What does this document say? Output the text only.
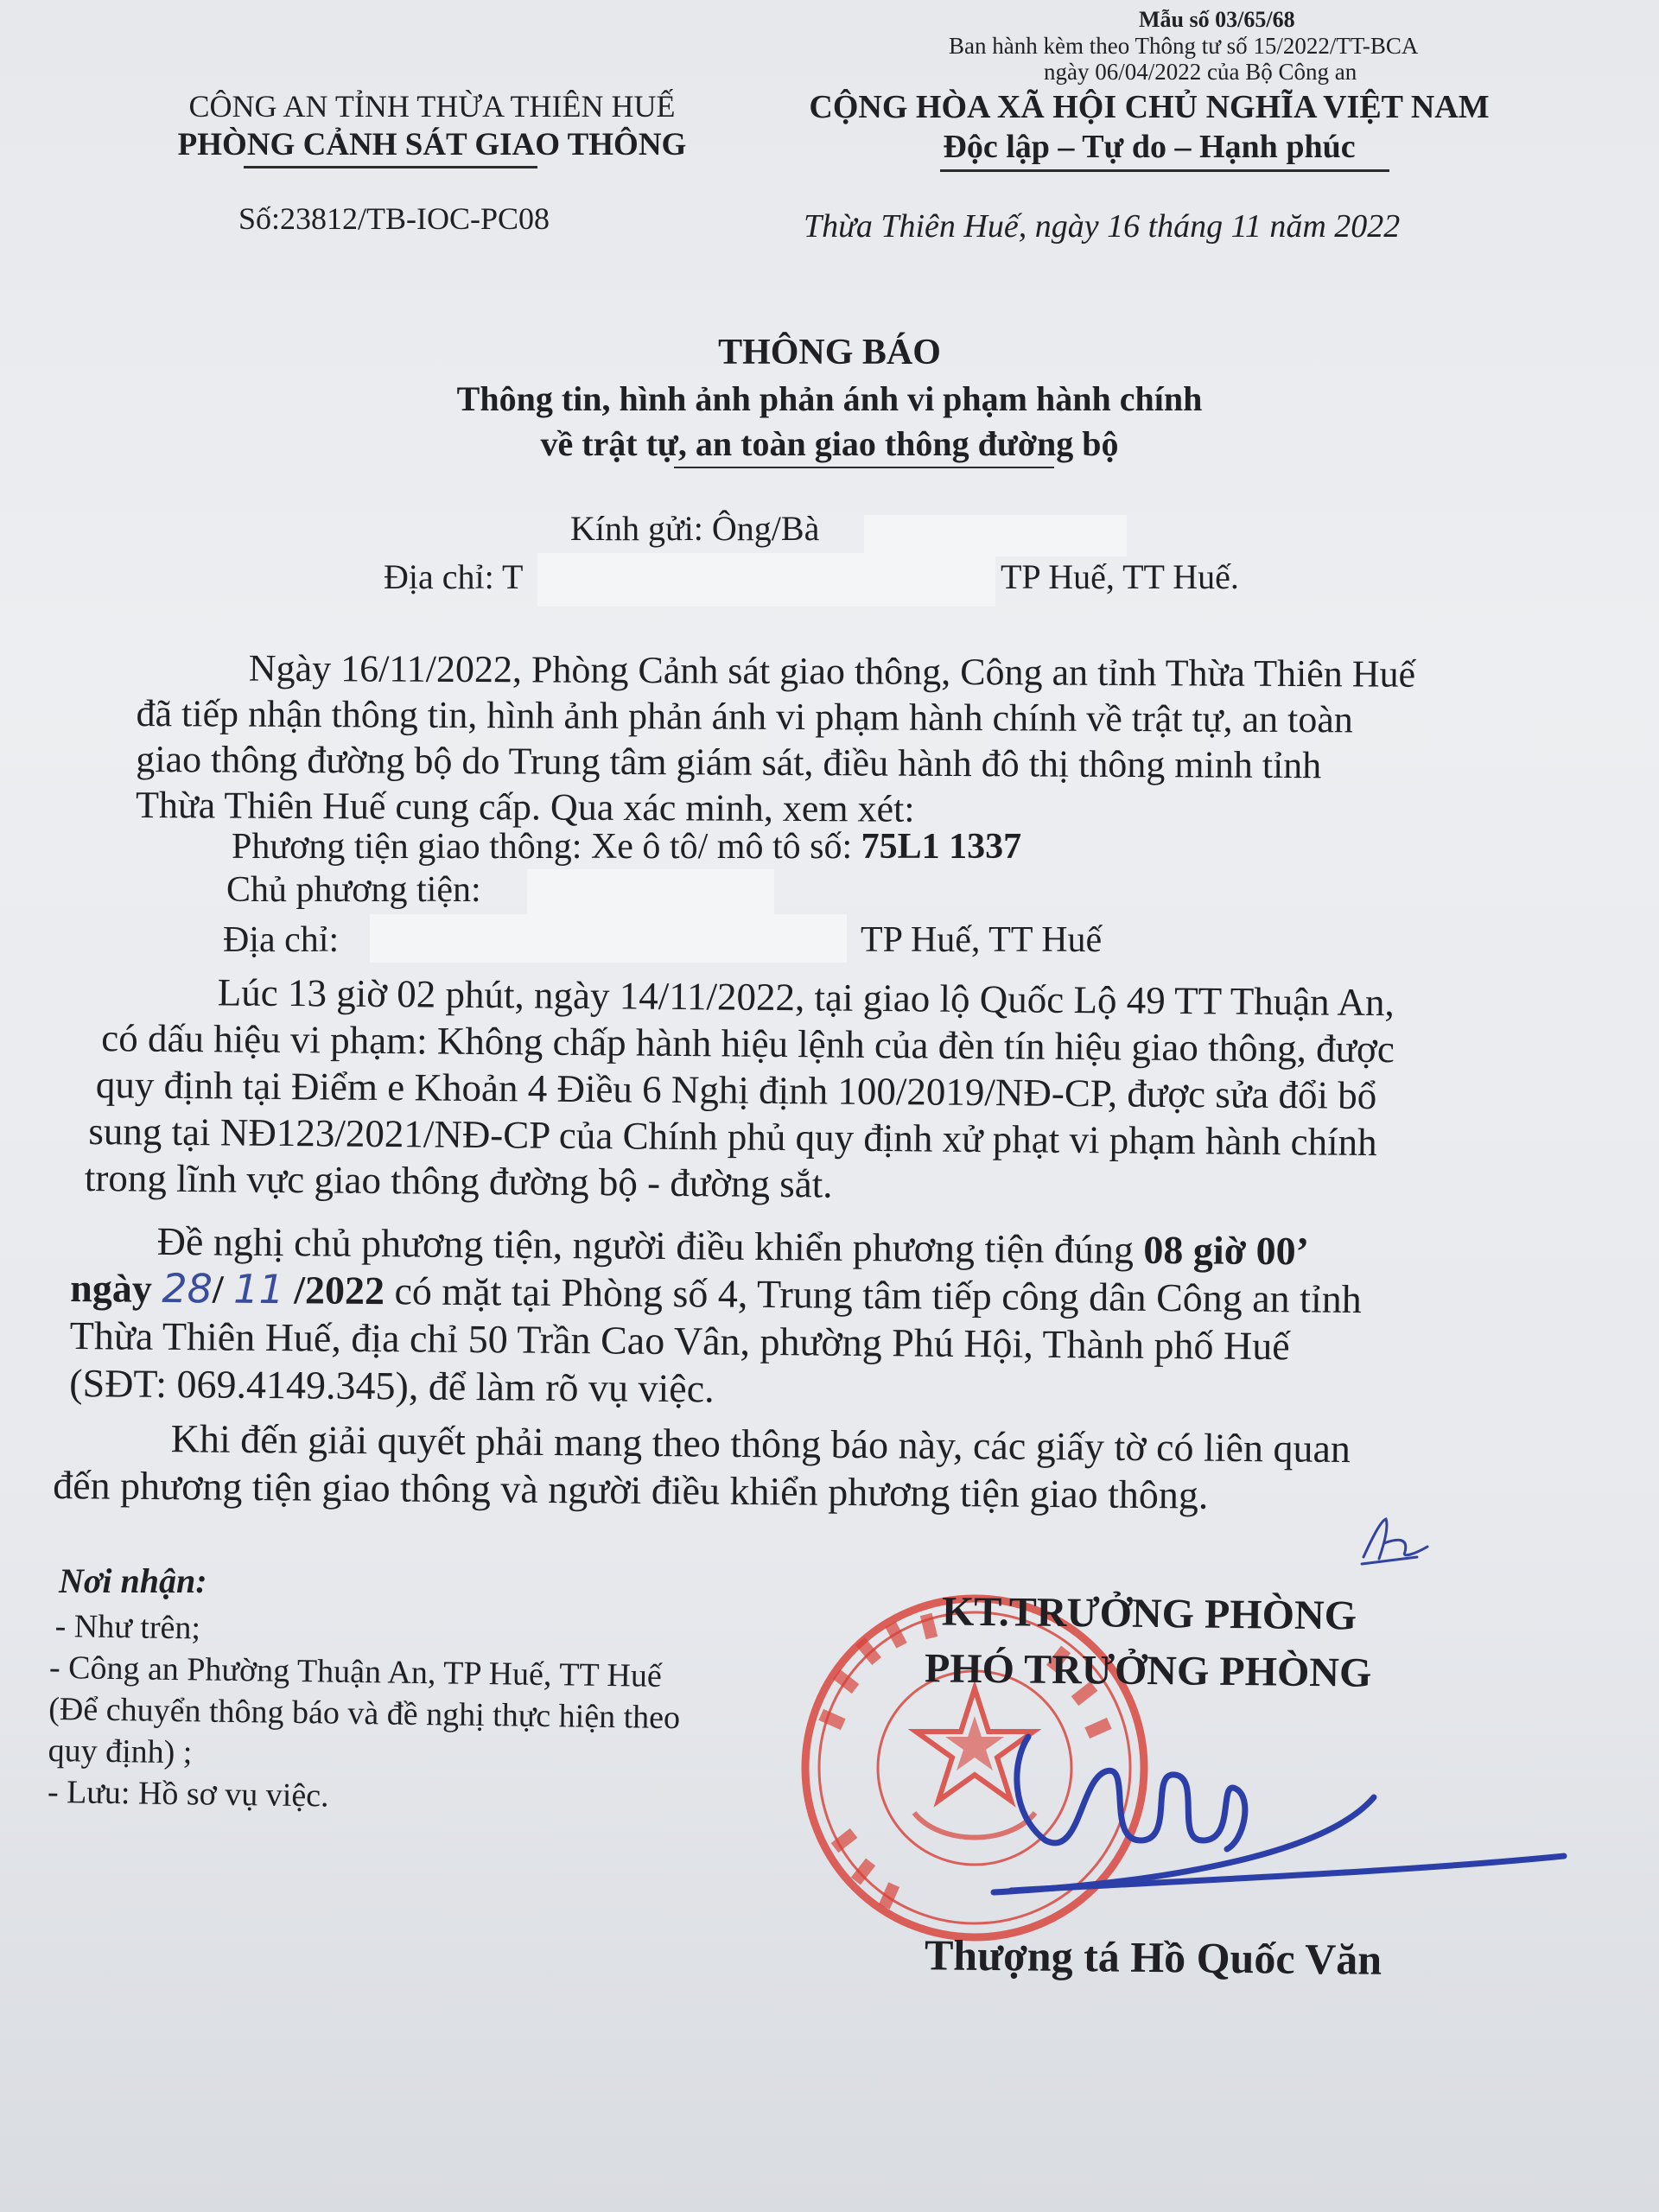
Mẫu số 03/65/68
Ban hành kèm theo Thông tư số 15/2022/TT-BCA
ngày 06/04/2022 của Bộ Công an
CÔNG AN TỈNH THỪA THIÊN HUẾ
PHÒNG CẢNH SÁT GIAO THÔNG
Số:23812/TB-IOC-PC08
CỘNG HÒA XÃ HỘI CHỦ NGHĨA VIỆT NAM
Độc lập – Tự do – Hạnh phúc
Thừa Thiên Huế, ngày 16 tháng 11 năm 2022
THÔNG BÁO
Thông tin, hình ảnh phản ánh vi phạm hành chính
về trật tự, an toàn giao thông đường bộ
Kính gửi: Ông/Bà
Địa chỉ: T	TP Huế, TT Huế.
Ngày 16/11/2022, Phòng Cảnh sát giao thông, Công an tỉnh Thừa Thiên Huế
đã tiếp nhận thông tin, hình ảnh phản ánh vi phạm hành chính về trật tự, an toàn
giao thông đường bộ do Trung tâm giám sát, điều hành đô thị thông minh tỉnh
Thừa Thiên Huế cung cấp. Qua xác minh, xem xét:
Phương tiện giao thông: Xe ô tô/ mô tô số: 75L1 1337
Chủ phương tiện:
Địa chỉ:	TP Huế, TT Huế
Lúc 13 giờ 02 phút, ngày 14/11/2022, tại giao lộ Quốc Lộ 49 TT Thuận An,
có dấu hiệu vi phạm: Không chấp hành hiệu lệnh của đèn tín hiệu giao thông, được
quy định tại Điểm e Khoản 4 Điều 6 Nghị định 100/2019/NĐ-CP, được sửa đổi bổ
sung tại NĐ123/2021/NĐ-CP của Chính phủ quy định xử phạt vi phạm hành chính
trong lĩnh vực giao thông đường bộ - đường sắt.
Đề nghị chủ phương tiện, người điều khiển phương tiện đúng 08 giờ 00’
ngày 28/ 11 /2022 có mặt tại Phòng số 4, Trung tâm tiếp công dân Công an tỉnh
Thừa Thiên Huế, địa chỉ 50 Trần Cao Vân, phường Phú Hội, Thành phố Huế
(SĐT: 069.4149.345), để làm rõ vụ việc.
Khi đến giải quyết phải mang theo thông báo này, các giấy tờ có liên quan
đến phương tiện giao thông và người điều khiển phương tiện giao thông.
Nơi nhận:
- Như trên;
- Công an Phường Thuận An, TP Huế, TT Huế
(Để chuyển thông báo và đề nghị thực hiện theo
quy định) ;
- Lưu: Hồ sơ vụ việc.
KT.TRƯỞNG PHÒNG
PHÓ TRƯỞNG PHÒNG
Thượng tá Hồ Quốc Văn
